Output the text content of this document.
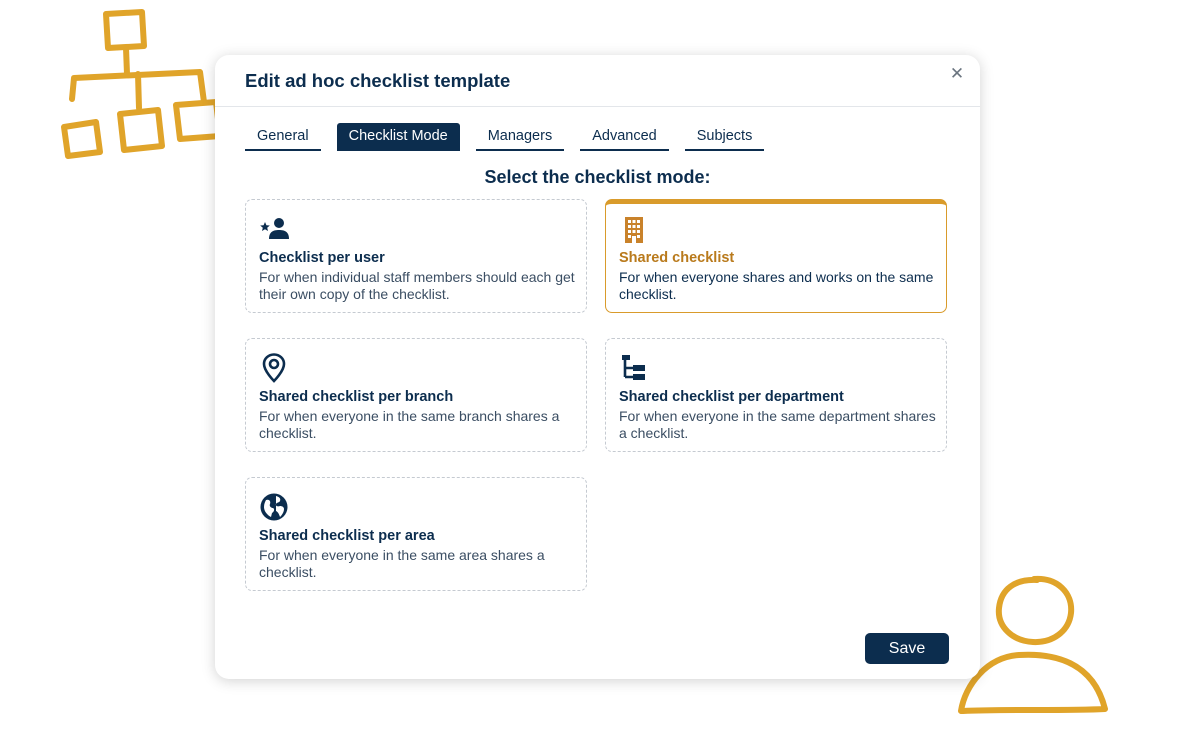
Edit ad hoc checklist template	✕
General	Checklist Mode	Managers	Advanced	Subjects
Select the checklist mode:
Checklist per user
For when individual staff members should each get their own copy of the checklist.
Shared checklist
For when everyone shares and works on the same checklist.
Shared checklist per branch
For when everyone in the same branch shares a checklist.
Shared checklist per department
For when everyone in the same department shares a checklist.
Shared checklist per area
For when everyone in the same area shares a checklist.
Save
